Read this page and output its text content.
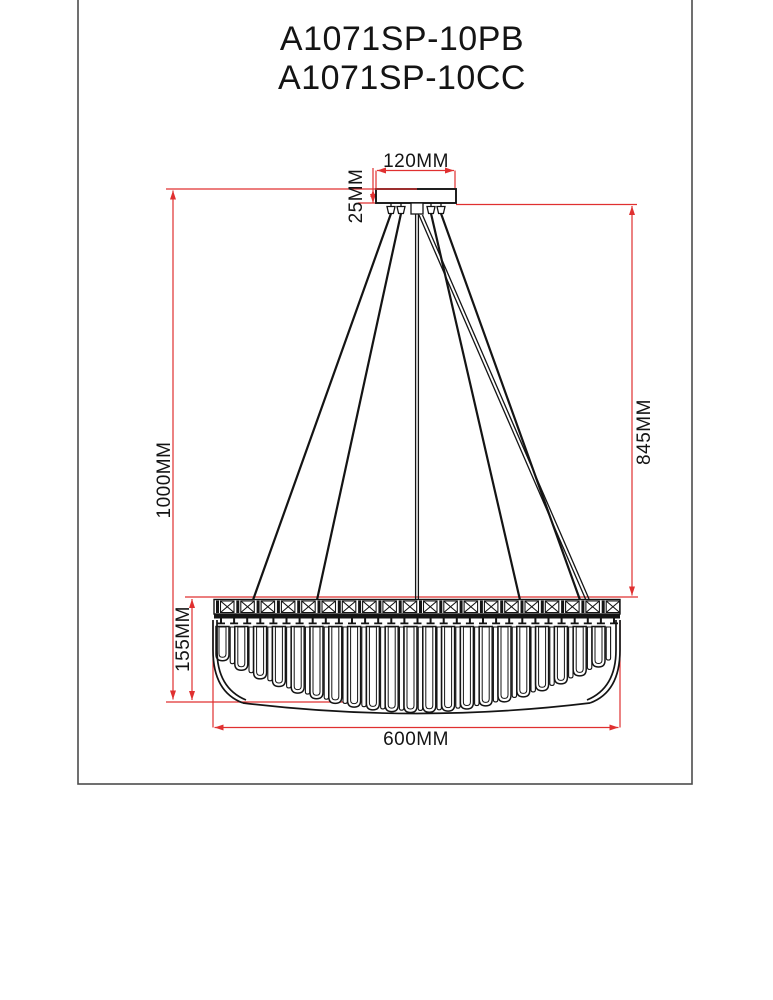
A1071SP-10PB
A1071SP-10CC
120MM
25MM
1000MM
845MM
155MM
600MM
